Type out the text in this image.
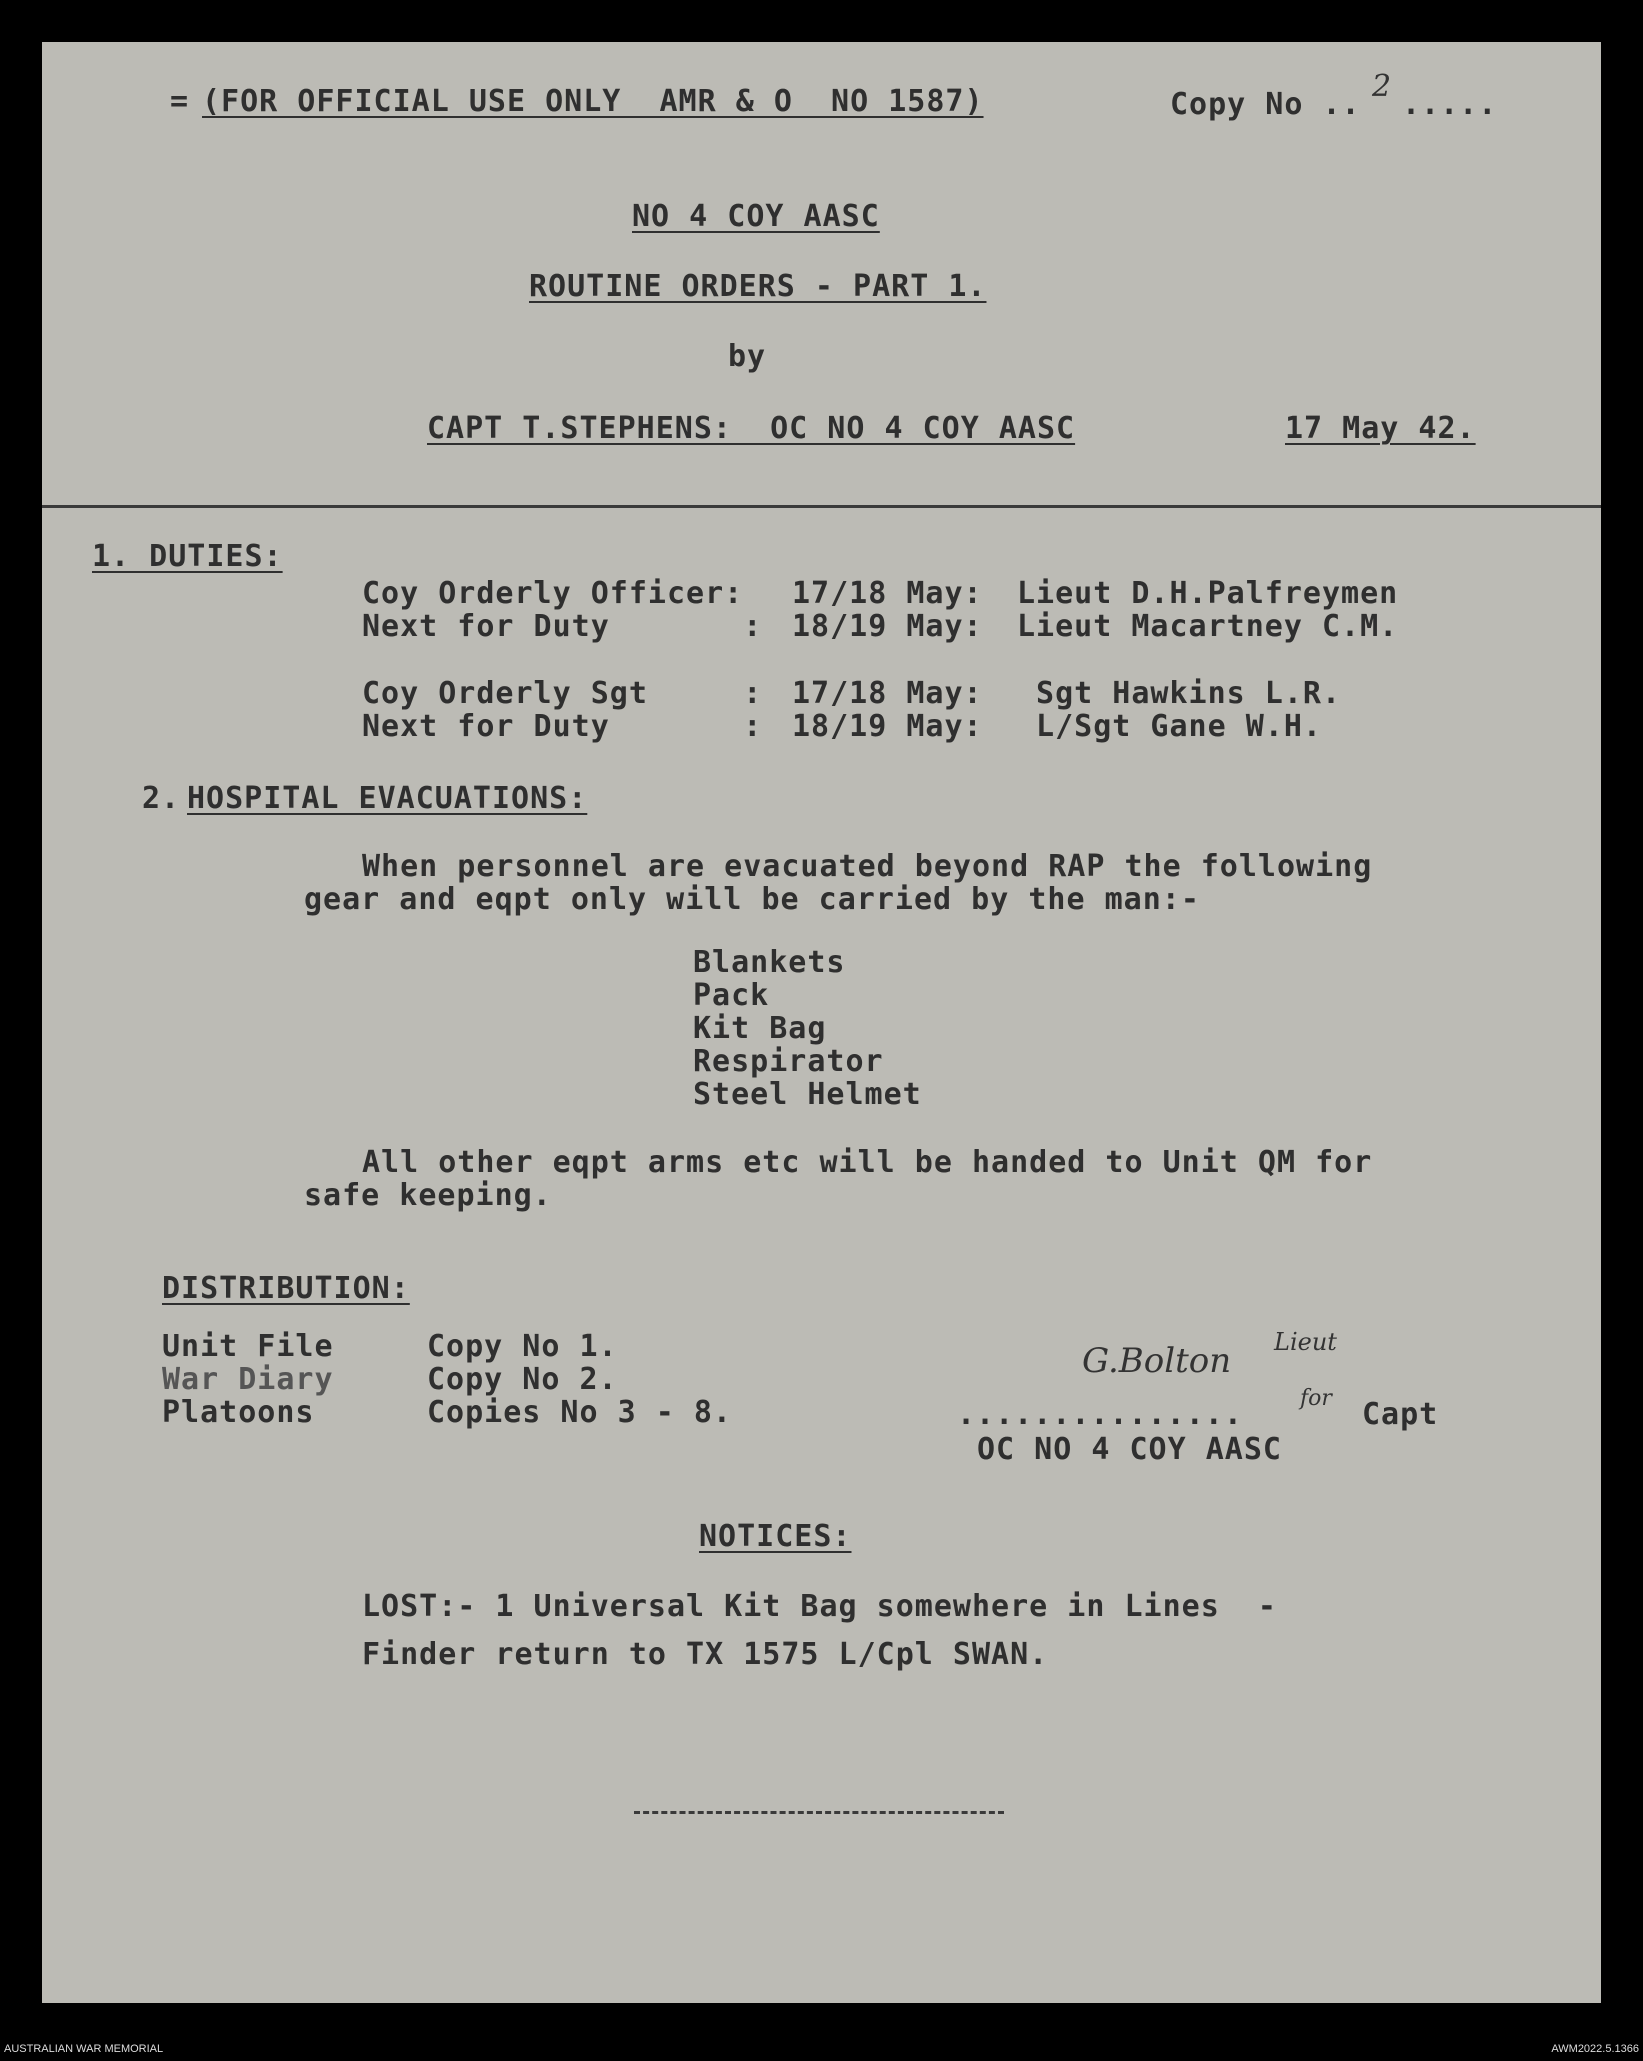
= (FOR OFFICIAL USE ONLY  AMR & O  NO 1587)	Copy No ..
2
.....
NO 4 COY AASC
ROUTINE ORDERS - PART 1.
by
CAPT T.STEPHENS:  OC NO 4 COY AASC	17 May 42.
1. DUTIES:
Coy Orderly Officer: 17/18 May: Lieut D.H.Palfreymen
Next for Duty       : 18/19 May: Lieut Macartney C.M.
Coy Orderly Sgt     : 17/18 May: Sgt Hawkins L.R.
Next for Duty       : 18/19 May: L/Sgt Gane W.H.
2. HOSPITAL EVACUATIONS:
When personnel are evacuated beyond RAP the following
gear and eqpt only will be carried by the man:-
Blankets
Pack
Kit Bag
Respirator
Steel Helmet
All other eqpt arms etc will be handed to Unit QM for
safe keeping.
DISTRIBUTION:
Unit File	Copy No 1.
War Diary	Copy No 2.
Platoons	Copies No 3 - 8.	...............	Capt
OC NO 4 COY AASC
G.Bolton Lieut
for
NOTICES:
LOST:- 1 Universal Kit Bag somewhere in Lines  -
Finder return to TX 1575 L/Cpl SWAN.
AUSTRALIAN WAR MEMORIAL	AWM2022.5.1366
